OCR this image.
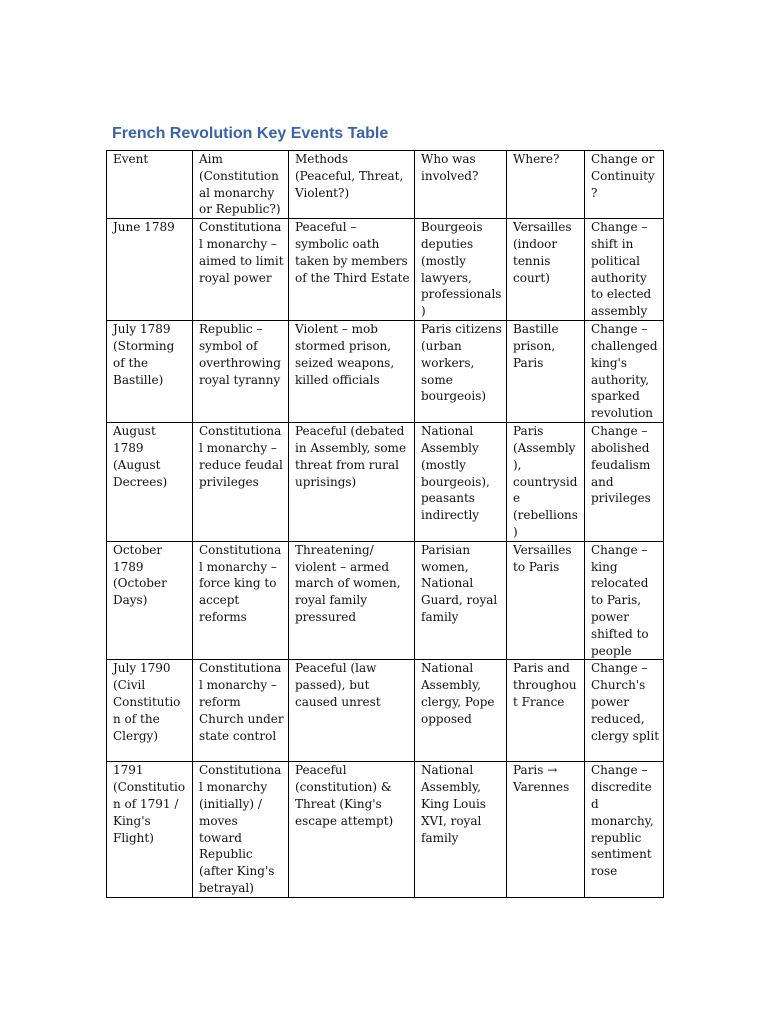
French Revolution Key Events Table
Event	Aim (Constitutional monarchy or Republic?)	Methods (Peaceful, Threat, Violent?)	Who was involved?	Where?	Change or Continuity?
June 1789	Constitutional monarchy – aimed to limit royal power	Peaceful – symbolic oath taken by members of the Third Estate	Bourgeois deputies (mostly lawyers, professionals)	Versailles (indoor tennis court)	Change – shift in political authority to elected assembly
July 1789 (Storming of the Bastille)	Republic – symbol of overthrowing royal tyranny	Violent – mob stormed prison, seized weapons, killed officials	Paris citizens (urban workers, some bourgeois)	Bastille prison, Paris	Change – challenged king's authority, sparked revolution
August 1789 (August Decrees)	Constitutional monarchy – reduce feudal privileges	Peaceful (debated in Assembly, some threat from rural uprisings)	National Assembly (mostly bourgeois), peasants indirectly	Paris (Assembly), countryside (rebellions)	Change – abolished feudalism and privileges
October 1789 (October Days)	Constitutional monarchy – force king to accept reforms	Threatening/ violent – armed march of women, royal family pressured	Parisian women, National Guard, royal family	Versailles to Paris	Change – king relocated to Paris, power shifted to people
July 1790 (Civil Constitution of the Clergy)	Constitutional monarchy – reform Church under state control	Peaceful (law passed), but caused unrest	National Assembly, clergy, Pope opposed	Paris and throughout France	Change – Church's power reduced, clergy split
1791 (Constitution of 1791 / King's Flight)	Constitutional monarchy (initially) / moves toward Republic (after King's betrayal)	Peaceful (constitution) & Threat (King's escape attempt)	National Assembly, King Louis XVI, royal family	Paris → Varennes	Change – discredited monarchy, republic sentiment rose
